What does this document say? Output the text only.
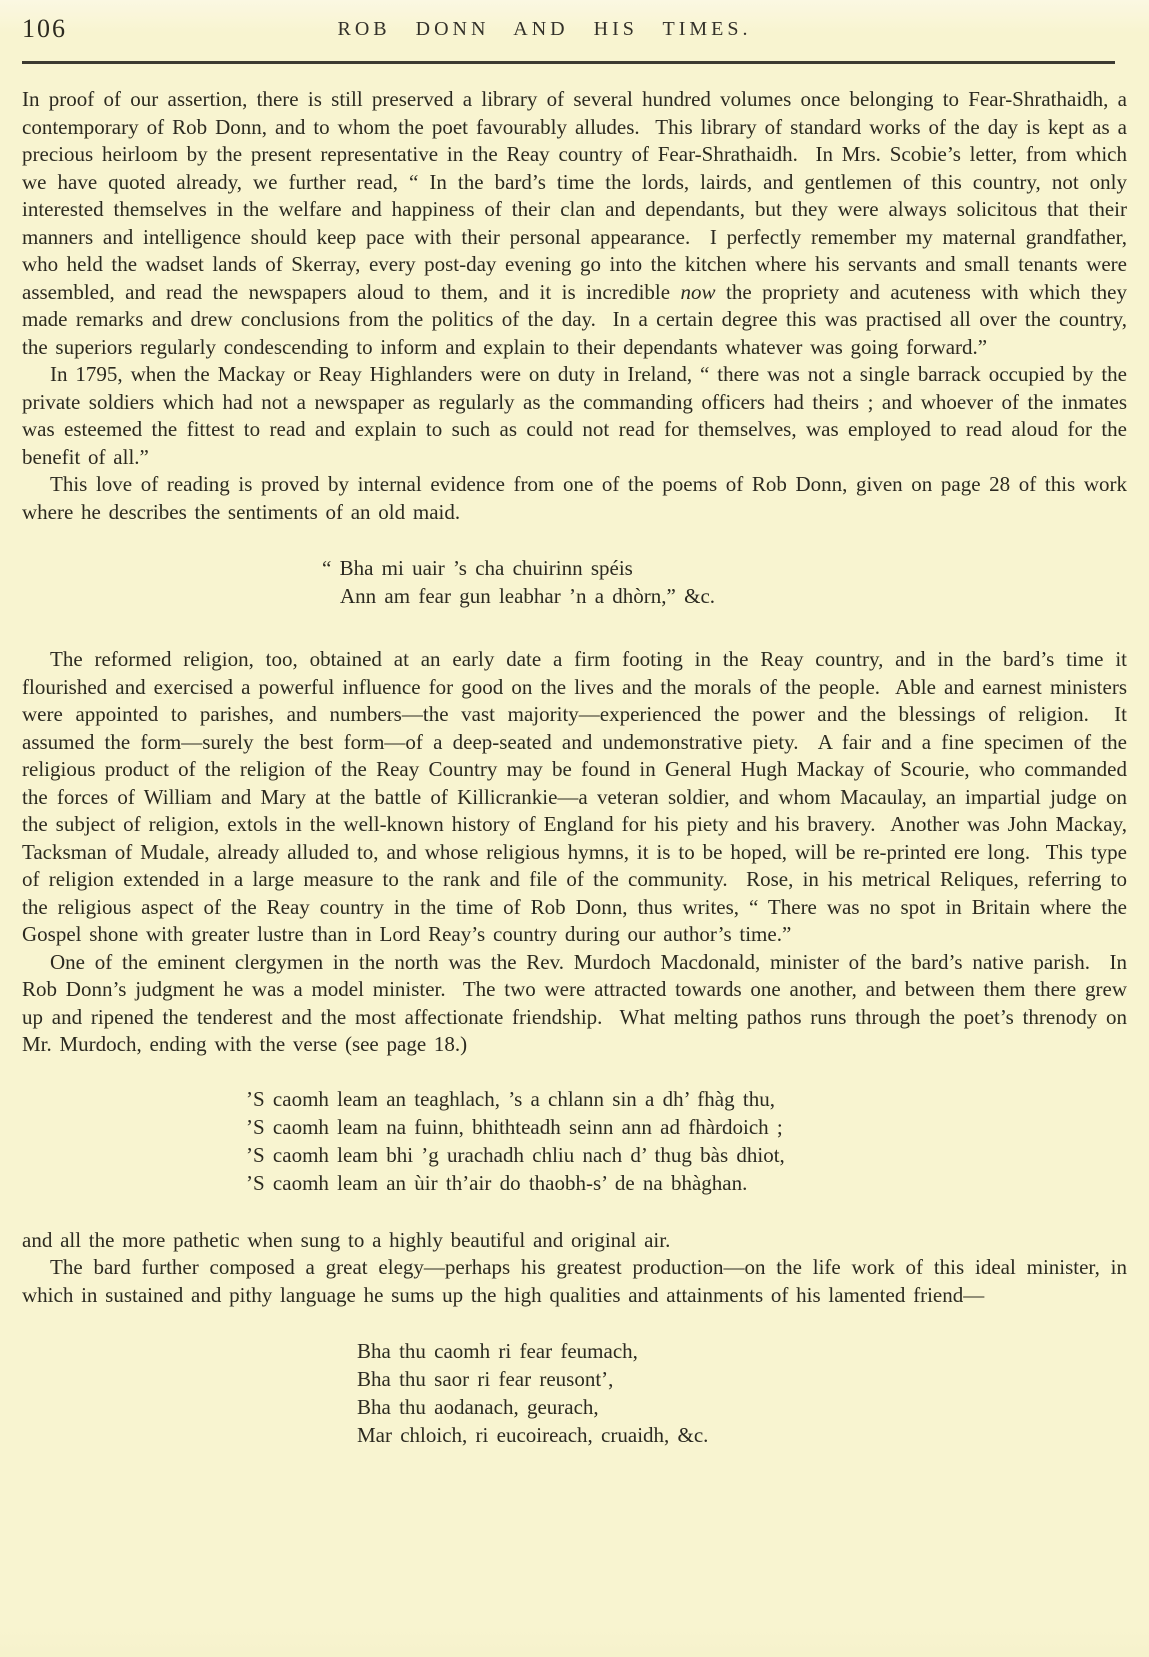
106	ROB DONN AND HIS TIMES.

In proof of our assertion, there is still preserved a library of several hundred volumes once belonging to Fear-Shrathaidh, a contemporary of Rob Donn, and to whom the poet favourably alludes.  This library of standard works of the day is kept as a precious heirloom by the present representative in the Reay country of Fear-Shrathaidh.  In Mrs. Scobie’s letter, from which we have quoted already, we further read, “ In the bard’s time the lords, lairds, and gentlemen of this country, not only interested themselves in the welfare and happiness of their clan and dependants, but they were always solicitous that their manners and intelligence should keep pace with their personal appearance.  I perfectly remember my maternal grandfather, who held the wadset lands of Skerray, every post-day evening go into the kitchen where his servants and small tenants were assembled, and read the newspapers aloud to them, and it is incredible now the propriety and acuteness with which they made remarks and drew conclusions from the politics of the day.  In a certain degree this was practised all over the country, the superiors regularly condescending to inform and explain to their dependants whatever was going forward.”

In 1795, when the Mackay or Reay Highlanders were on duty in Ireland, “ there was not a single barrack occupied by the private soldiers which had not a newspaper as regularly as the commanding officers had theirs ; and whoever of the inmates was esteemed the fittest to read and explain to such as could not read for themselves, was employed to read aloud for the benefit of all.”

This love of reading is proved by internal evidence from one of the poems of Rob Donn, given on page 28 of this work where he describes the sentiments of an old maid.

“ Bha mi uair ’s cha chuirinn spéis
Ann am fear gun leabhar ’n a dhòrn,” &c.

The reformed religion, too, obtained at an early date a firm footing in the Reay country, and in the bard’s time it flourished and exercised a powerful influence for good on the lives and the morals of the people.  Able and earnest ministers were appointed to parishes, and numbers—the vast majority—experienced the power and the blessings of religion.  It assumed the form—surely the best form—of a deep-seated and undemonstrative piety.  A fair and a fine specimen of the religious product of the religion of the Reay Country may be found in General Hugh Mackay of Scourie, who commanded the forces of William and Mary at the battle of Killicrankie—a veteran soldier, and whom Macaulay, an impartial judge on the subject of religion, extols in the well-known history of England for his piety and his bravery.  Another was John Mackay, Tacksman of Mudale, already alluded to, and whose religious hymns, it is to be hoped, will be re-printed ere long.  This type of religion extended in a large measure to the rank and file of the community.  Rose, in his metrical Reliques, referring to the religious aspect of the Reay country in the time of Rob Donn, thus writes, “ There was no spot in Britain where the Gospel shone with greater lustre than in Lord Reay’s country during our author’s time.”

One of the eminent clergymen in the north was the Rev. Murdoch Macdonald, minister of the bard’s native parish.  In Rob Donn’s judgment he was a model minister.  The two were attracted towards one another, and between them there grew up and ripened the tenderest and the most affectionate friendship.  What melting pathos runs through the poet’s threnody on Mr. Murdoch, ending with the verse (see page 18.)

’S caomh leam an teaghlach, ’s a chlann sin a dh’ fhàg thu,
’S caomh leam na fuinn, bhithteadh seinn ann ad fhàrdoich ;
’S caomh leam bhi ’g urachadh chliu nach d’ thug bàs dhiot,
’S caomh leam an ùir th’air do thaobh-s’ de na bhàghan.

and all the more pathetic when sung to a highly beautiful and original air.

The bard further composed a great elegy—perhaps his greatest production—on the life work of this ideal minister, in which in sustained and pithy language he sums up the high qualities and attainments of his lamented friend—

Bha thu caomh ri fear feumach,
Bha thu saor ri fear reusont’,
Bha thu aodanach, geurach,
Mar chloich, ri eucoireach, cruaidh, &c.
